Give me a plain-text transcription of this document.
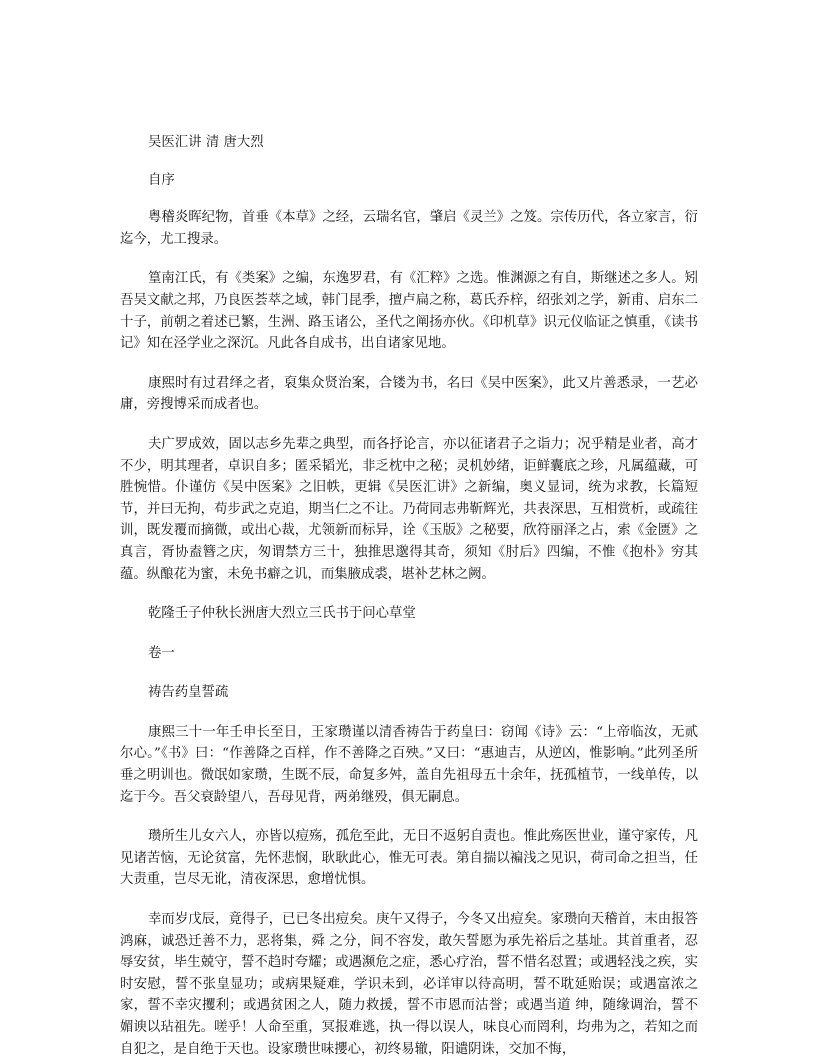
吴医汇讲 清 唐大烈

自序

粤稽炎晖纪物，首垂《本草》之经，云瑞名官，肇启《灵兰》之笈。宗传历代，各立家言，衍迄今，尤工搜录。

篁南江氏，有《类案》之编，东逸罗君，有《汇粹》之选。惟渊源之有自，斯继述之多人。矧吾吴文献之邦，乃良医荟萃之域，韩门昆季，擅卢扁之称，葛氏乔梓，绍张刘之学，新甫、启东二十子，前朝之着述已繁，生洲、路玉诸公，圣代之阐扬亦伙。《印机草》识元仪临证之慎重，《读书记》知在泾学业之深沉。凡此各自成书，出自诸家见地。

康熙时有过君绎之者，裒集众贤治案，合镂为书，名曰《吴中医案》，此又片善悉录，一艺必庸，旁搜博采而成者也。

夫广罗成效，固以志乡先辈之典型，而各抒论言，亦以征诸君子之诣力；况乎精是业者，高才不少，明其理者，卓识自多；匿采韬光，非乏枕中之秘；灵机妙绪，讵鲜囊底之珍，凡属蕴藏，可胜惋惜。仆谨仿《吴中医案》之旧帙，更辑《吴医汇讲》之新编，奥义显词，统为求教，长篇短节，并曰无拘，苟步武之克追，期当仁之不让。乃荷同志弗靳辉光，共表深思，互相赏析，或疏往训，既发覆而摘微，或出心裁，尤领新而标异，诠《玉版》之秘要，欣符丽泽之占，索《金匮》之真言，胥协盍簪之庆，匆谓禁方三十，独推思邈得其奇，须知《肘后》四编，不惟《抱朴》穷其蕴。纵酿花为蜜，未免书癖之讥，而集腋成裘，堪补艺林之阙。

乾隆壬子仲秋长洲唐大烈立三氏书于问心草堂

卷一

祷告药皇誓疏

康熙三十一年壬申长至日，王家瓒谨以清香祷告于药皇曰：窃闻《诗》云：“上帝临汝，无贰尔心。”《书》曰：“作善降之百样，作不善降之百殃。”又曰：“惠迪吉，从逆凶，惟影响。”此列圣所垂之明训也。微氓如家瓒，生既不辰，命复多舛，盖自先祖母五十余年，抚孤植节，一线单传，以迄于今。吾父衰龄望八，吾母见背，两弟继殁，俱无嗣息。

瓒所生儿女六人，亦皆以痘殇，孤危至此，无日不返躬自责也。惟此殇医世业，谨守家传，凡见诸苦恼，无论贫富，先怀悲悯，耿耿此心，惟无可表。第自揣以褊浅之见识，荷司命之担当，任大责重，岂尽无讹，清夜深思，愈增忧惧。

幸而岁戊辰，竟得子，已已冬出痘矣。庚午又得子，今冬又出痘矣。家瓒向天稽首，末由报答鸿麻，诚恐迁善不力，恶将集，舜 之分，间不容发，敢矢誓愿为承先裕后之基址。其首重者，忍辱安贫，毕生兢守，誓不趋时夸耀；或遇濒危之症，悉心疗治，誓不惜名怼置；或遇轻浅之疾，实时安慰，誓不张皇显功；或病果疑难，学识未到，必详审以待高明，誓不耽延贻误；或遇富浓之家，誓不幸灾攫利；或遇贫困之人，随力救援，誓不市恩而沽誉；或遇当道 绅，随缘调治，誓不媚谀以玷祖先。嗟乎！人命至重，冥报难逃，执一得以误人，味良心而罔利，均弗为之，若知之而自犯之，是自绝于天也。设家瓒世味攖心，初终易辙，阳谴阴诛，交加不悔，
